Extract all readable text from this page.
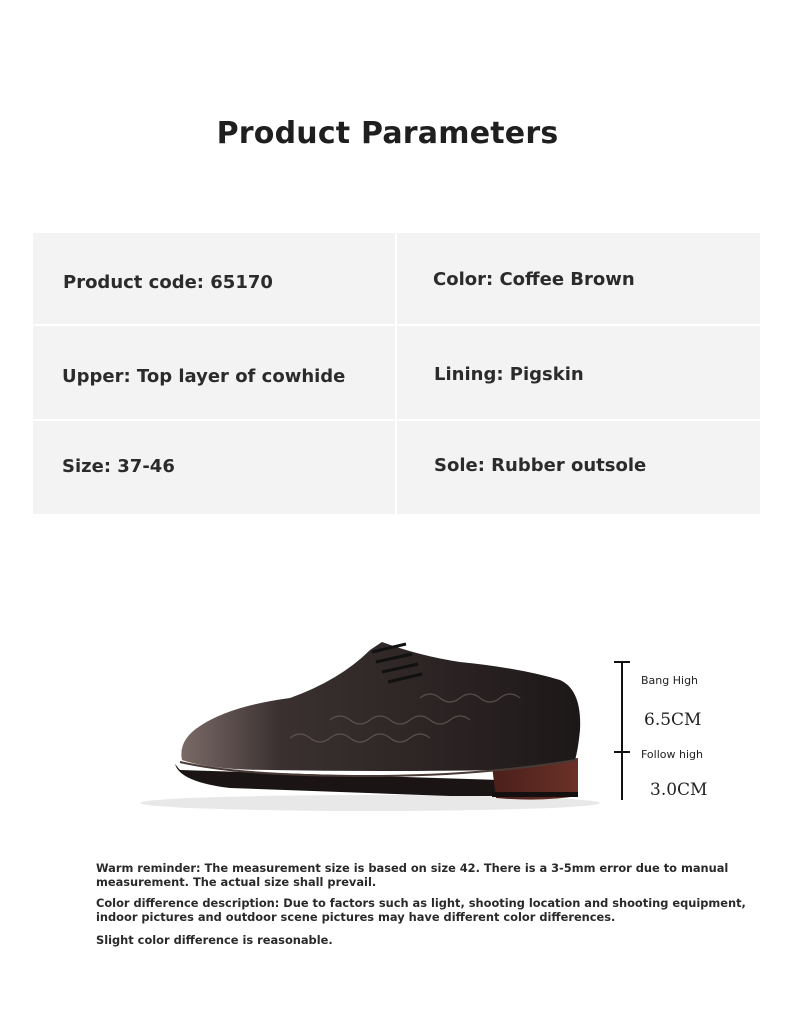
Product Parameters
Product code: 65170	Color: Coffee Brown
Upper: Top layer of cowhide	Lining: Pigskin
Size: 37-46	Sole: Rubber outsole
Bang High
6.5CM
Follow high
3.0CM
Warm reminder: The measurement size is based on size 42. There is a 3-5mm error due to manual measurement. The actual size shall prevail.
Color difference description: Due to factors such as light, shooting location and shooting equipment, indoor pictures and outdoor scene pictures may have different color differences.
Slight color difference is reasonable.
